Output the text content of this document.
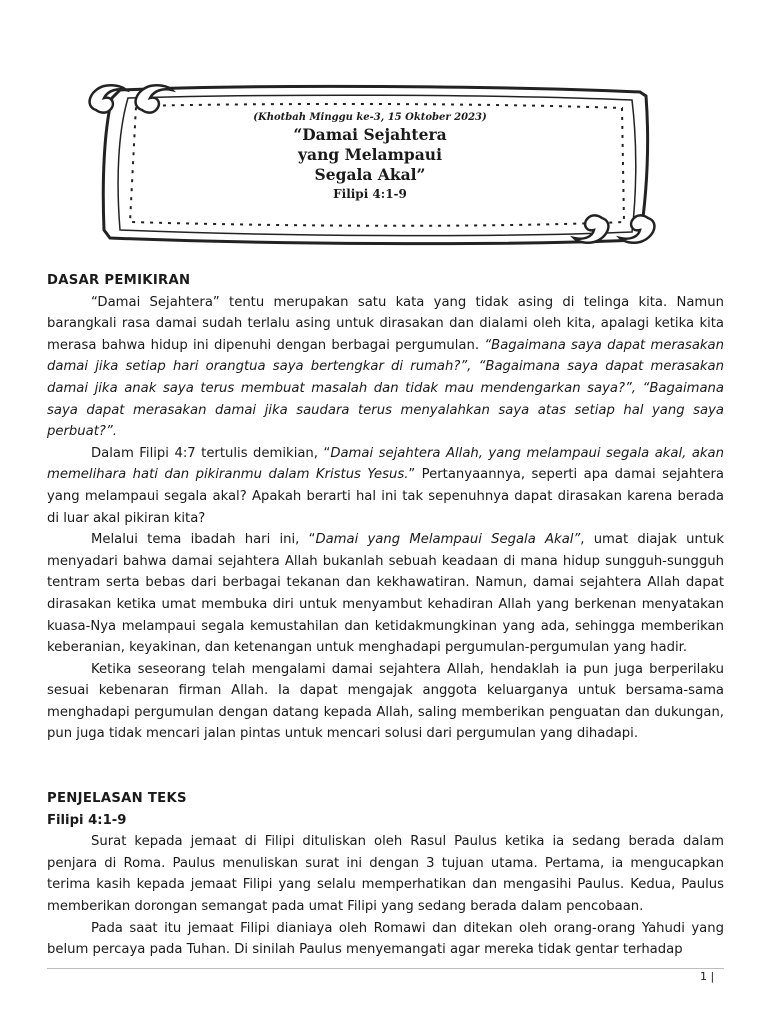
(Khotbah Minggu ke-3, 15 Oktober 2023)
“Damai Sejahtera
yang Melampaui
Segala Akal”
Filipi 4:1-9
DASAR PEMIKIRAN

“Damai Sejahtera” tentu merupakan satu kata yang tidak asing di telinga kita. Namun barangkali rasa damai sudah terlalu asing untuk dirasakan dan dialami oleh kita, apalagi ketika kita merasa bahwa hidup ini dipenuhi dengan berbagai pergumulan. “Bagaimana saya dapat merasakan damai jika setiap hari orangtua saya bertengkar di rumah?”, “Bagaimana saya dapat merasakan damai jika anak saya terus membuat masalah dan tidak mau mendengarkan saya?”, “Bagaimana saya dapat merasakan damai jika saudara terus menyalahkan saya atas setiap hal yang saya perbuat?”.

Dalam Filipi 4:7 tertulis demikian, “Damai sejahtera Allah, yang melampaui segala akal, akan memelihara hati dan pikiranmu dalam Kristus Yesus.” Pertanyaannya, seperti apa damai sejahtera yang melampaui segala akal? Apakah berarti hal ini tak sepenuhnya dapat dirasakan karena berada di luar akal pikiran kita?

Melalui tema ibadah hari ini, “Damai yang Melampaui Segala Akal”, umat diajak untuk menyadari bahwa damai sejahtera Allah bukanlah sebuah keadaan di mana hidup sungguh-sungguh tentram serta bebas dari berbagai tekanan dan kekhawatiran. Namun, damai sejahtera Allah dapat dirasakan ketika umat membuka diri untuk menyambut kehadiran Allah yang berkenan menyatakan kuasa-Nya melampaui segala kemustahilan dan ketidakmungkinan yang ada, sehingga memberikan keberanian, keyakinan, dan ketenangan untuk menghadapi pergumulan-pergumulan yang hadir.

Ketika seseorang telah mengalami damai sejahtera Allah, hendaklah ia pun juga berperilaku sesuai kebenaran firman Allah. Ia dapat mengajak anggota keluarganya untuk bersama-sama menghadapi pergumulan dengan datang kepada Allah, saling memberikan penguatan dan dukungan, pun juga tidak mencari jalan pintas untuk mencari solusi dari pergumulan yang dihadapi.

PENJELASAN TEKS
Filipi 4:1-9

Surat kepada jemaat di Filipi dituliskan oleh Rasul Paulus ketika ia sedang berada dalam penjara di Roma. Paulus menuliskan surat ini dengan 3 tujuan utama. Pertama, ia mengucapkan terima kasih kepada jemaat Filipi yang selalu memperhatikan dan mengasihi Paulus. Kedua, Paulus memberikan dorongan semangat pada umat Filipi yang sedang berada dalam pencobaan.

Pada saat itu jemaat Filipi dianiaya oleh Romawi dan ditekan oleh orang-orang Yahudi yang belum percaya pada Tuhan. Di sinilah Paulus menyemangati agar mereka tidak gentar terhadap

1 |
